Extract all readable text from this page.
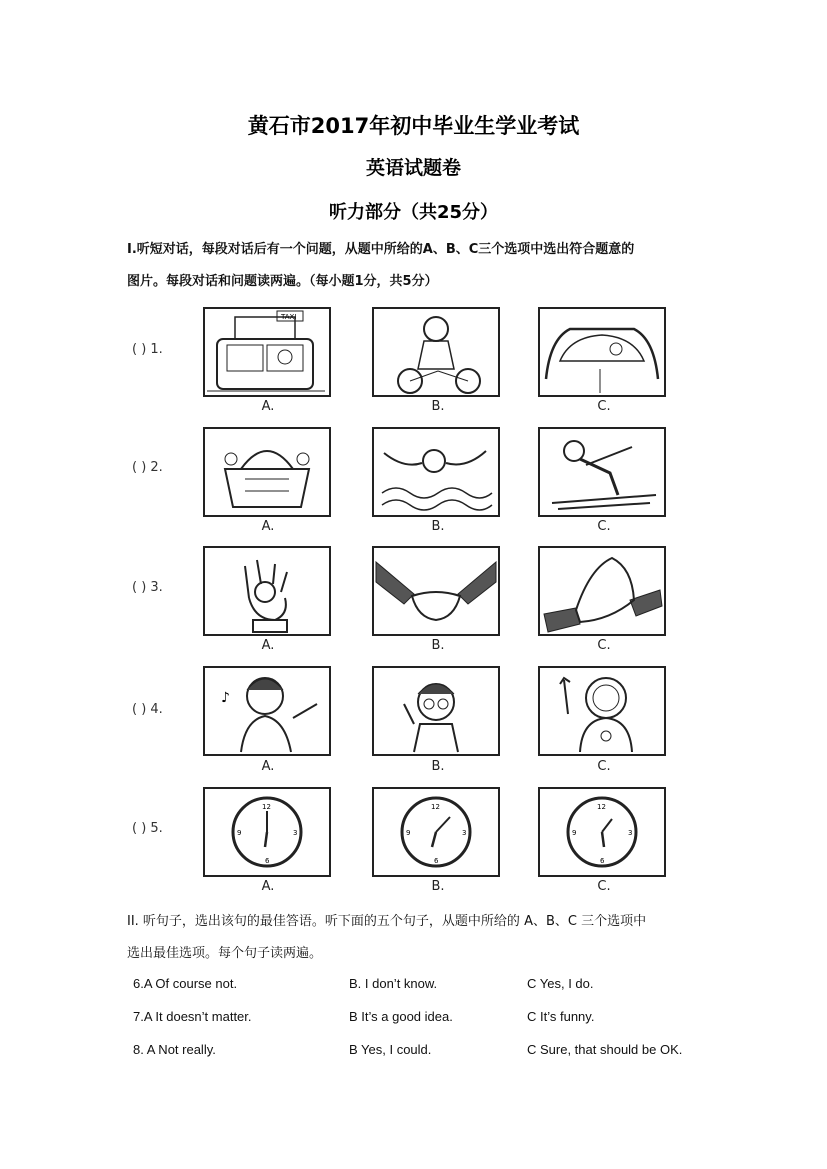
黄石市2017年初中毕业生学业考试
英语试题卷
听力部分（共25分）
Ⅰ.听短对话，每段对话后有一个问题，从题中所给的A、B、C三个选项中选出符合题意的
图片。每段对话和问题读两遍。（每小题1分，共5分）
( ) 1.
TAXI
A.	B.	C.
( ) 2.
A.	B.	C.
( ) 3.
A.	B.	C.
( ) 4.
♪
A.	B.	C.
( ) 5.
12
3
6
9
A.
12
3
6
9
B.
12
3
6
9
C.
II. 听句子，选出该句的最佳答语。听下面的五个句子，从题中所给的 A、B、C 三个选项中
选出最佳选项。每个句子读两遍。
6.A Of course not.	B. I don’t know.	C Yes, I do.
7.A It doesn’t matter.	B It’s a good idea.	C It’s funny.
8. A Not really.	B Yes, I could.	C Sure, that should be OK.
